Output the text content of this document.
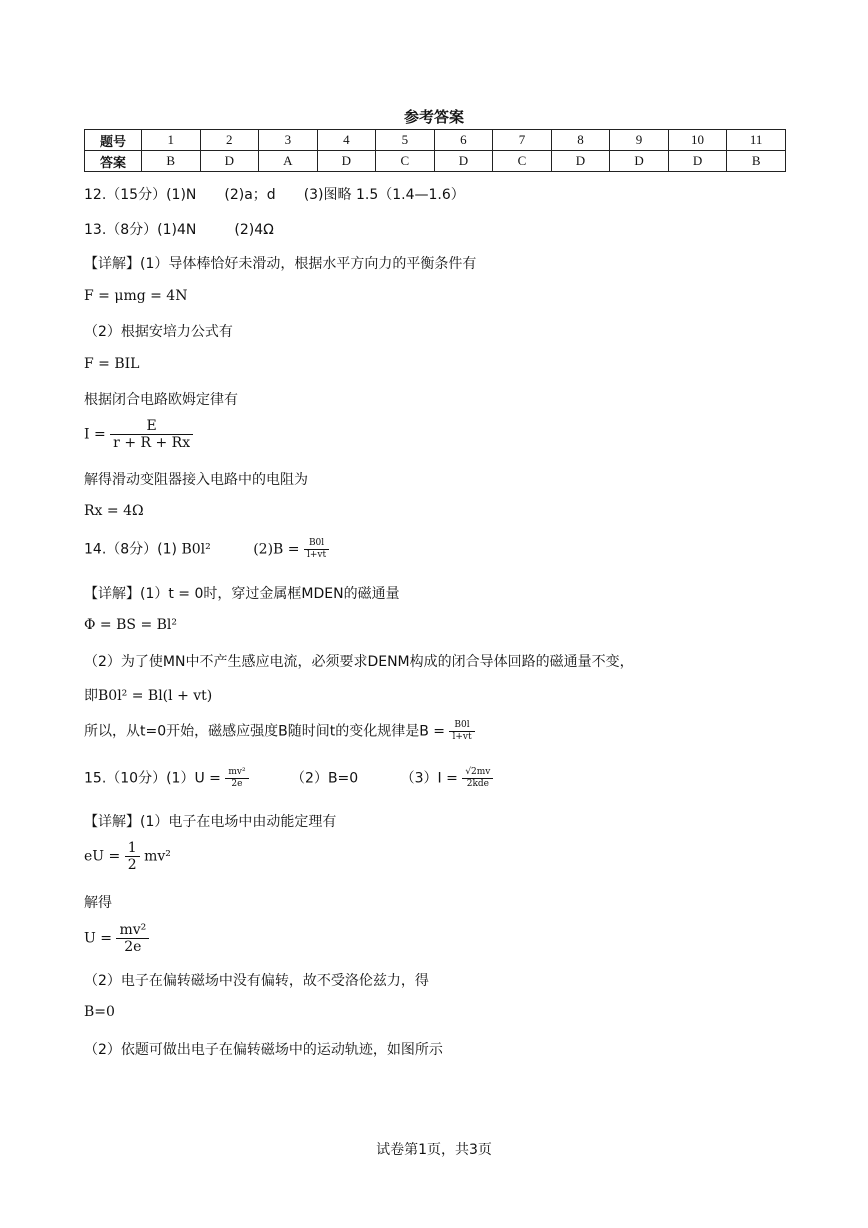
参考答案
题号	1	2	3	4	5	6	7	8	9	10	11
答案	B	D	A	D	C	D	C	D	D	D	B
12.（15分）(1)N (2)a；d (3)图略 1.5（1.4—1.6）
13.（8分）(1)4N	(2)4Ω
【详解】(1）导体棒恰好未滑动，根据水平方向力的平衡条件有
F = μmg = 4N
（2）根据安培力公式有
F = BIL
根据闭合电路欧姆定律有
$I = \frac{E}{r + R + Rx}$
解得滑动变阻器接入电路中的电阻为
Rx = 4Ω
14.（8分）(1) B0l²	$(2)B = \frac{B0l}{l+vt}$
【详解】(1）t = 0时，穿过金属框MDEN的磁通量
Φ = BS = Bl²
（2）为了使MN中不产生感应电流，必须要求DENM构成的闭合导体回路的磁通量不变，
即B0l² = Bl(l + vt)
所以，从t=0开始，磁感应强度B随时间t的变化规律是$B = \frac{B0l}{l+vt}$
15.（10分）$(1)U = \frac{\text{mv²}}{2e}$	（2）B=0	$(3)I = \frac{√2mv}{\text{2kde}}$
【详解】(1）电子在电场中由动能定理有
eU = $\frac{1}{2} mv^2$
解得
$U = \frac{\text{mv²}}{2e}$
（2）电子在偏转磁场中没有偏转，故不受洛伦兹力，得
B=0
（2）依题可做出电子在偏转磁场中的运动轨迹，如图所示
试卷第1页，共3页
